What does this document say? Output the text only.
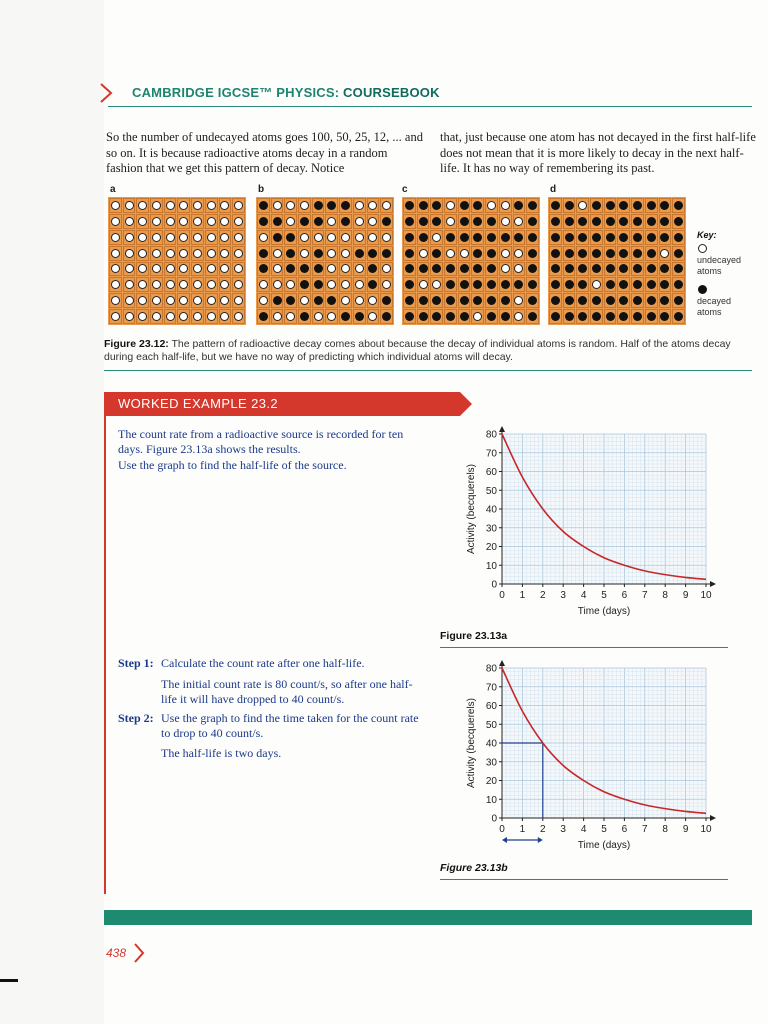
CAMBRIDGE IGCSE™ PHYSICS: COURSEBOOK
So the number of undecayed atoms goes 100, 50, 25, 12, ... and so on. It is because radioactive atoms decay in a random fashion that we get this pattern of decay. Notice
that, just because one atom has not decayed in the first half-life does not mean that it is more likely to decay in the next half-life. It has no way of remembering its past.
a	b	c	d
Key:
undecayed atoms
decayed atoms
Figure 23.12: The pattern of radioactive decay comes about because the decay of individual atoms is random. Half of the atoms decay during each half-life, but we have no way of predicting which individual atoms will decay.
WORKED EXAMPLE 23.2
The count rate from a radioactive source is recorded for ten days. Figure 23.13a shows the results.
Use the graph to find the half-life of the source.
Step 1: Calculate the count rate after one half-life.
The initial count rate is 80 count/s, so after one half-life it will have dropped to 40 count/s.
Step 2: Use the graph to find the time taken for the count rate to drop to 40 count/s.
The half-life is two days.
0 1 2 3 4 5 6 7 8 9 10
0
10
20
30
40
50
60
70
80
Time (days)
Activity (becquerels)
Figure 23.13a
0 1 2 3 4 5 6 7 8 9 10
0
10
20
30
40
50
60
70
80
Time (days)
Activity (becquerels)
Figure 23.13b
438
